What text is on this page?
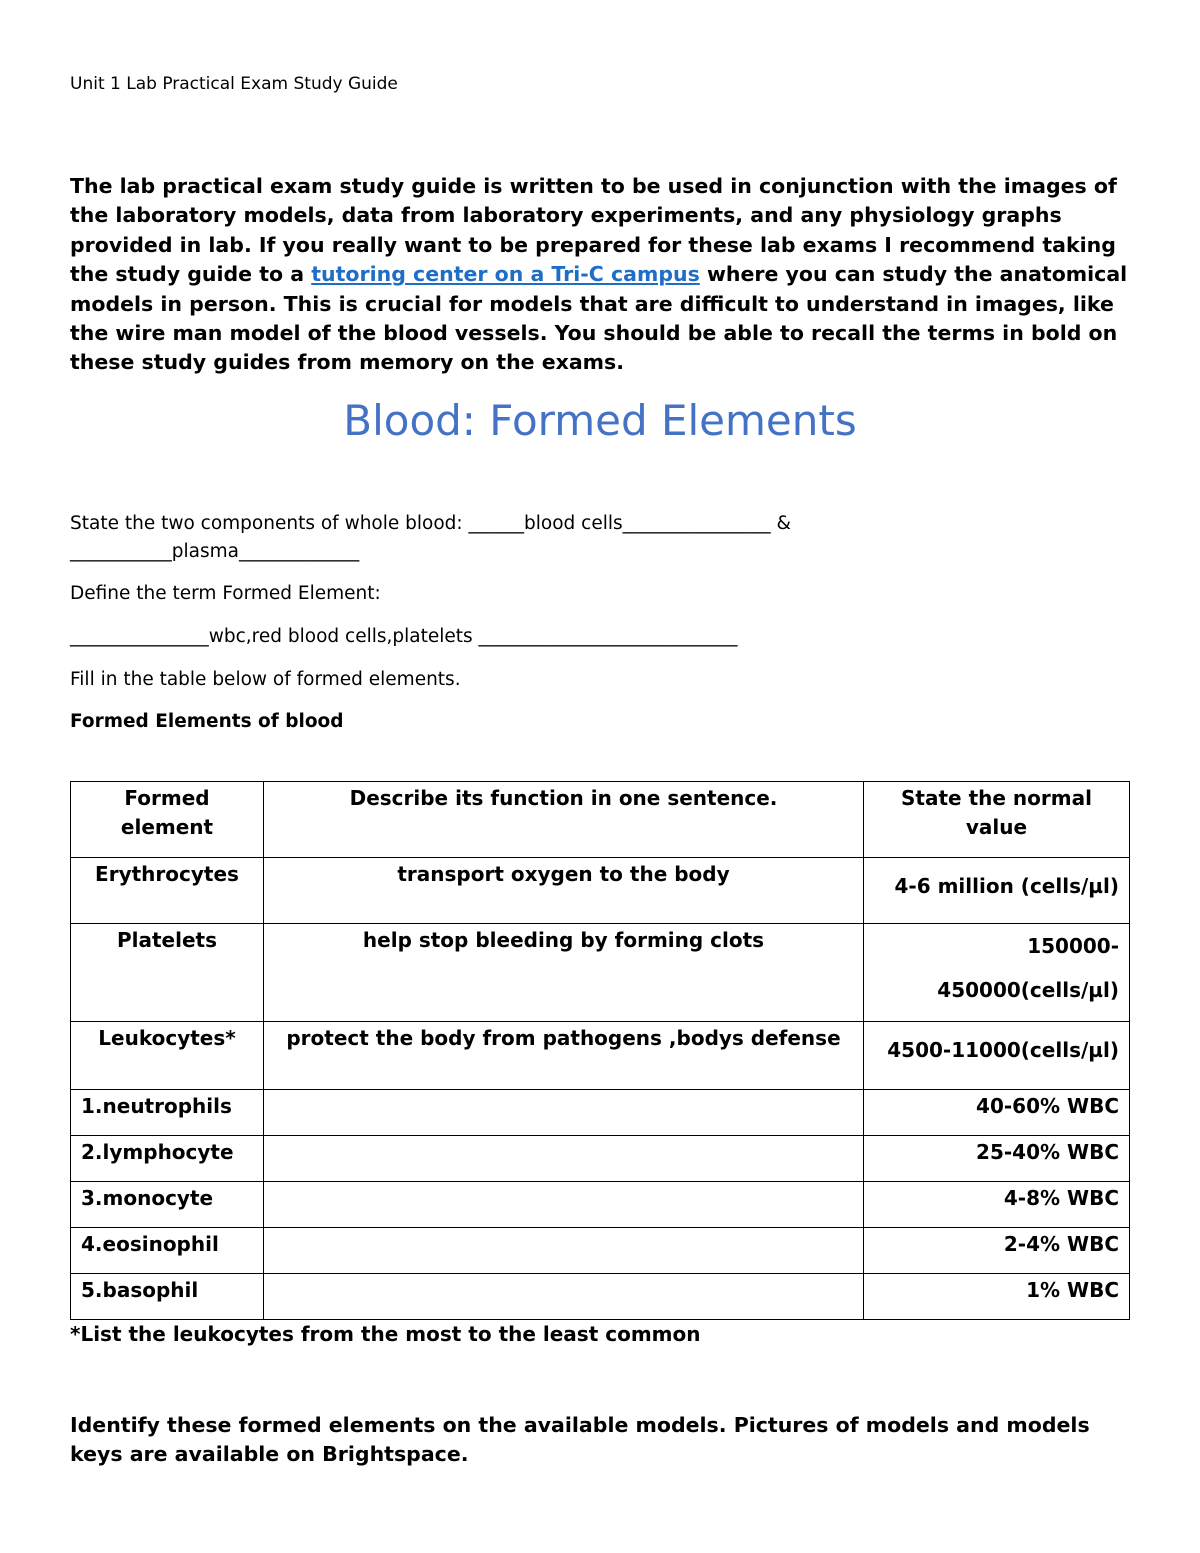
Unit 1 Lab Practical Exam Study Guide
The lab practical exam study guide is written to be used in conjunction with the images of the laboratory models, data from laboratory experiments, and any physiology graphs provided in lab. If you really want to be prepared for these lab exams I recommend taking the study guide to a tutoring center on a Tri-C campus where you can study the anatomical models in person. This is crucial for models that are difficult to understand in images, like the wire man model of the blood vessels. You should be able to recall the terms in bold on these study guides from memory on the exams.
Blood: Formed Elements
State the two components of whole blood: ______blood cells________________ &
___________plasma_____________
Define the term Formed Element:
_______________wbc,red blood cells,platelets ____________________________
Fill in the table below of formed elements.
Formed Elements of blood
Formed element	Describe its function in one sentence.	State the normal value
Erythrocytes	transport oxygen to the body	4-6 million (cells/µl)
Platelets	help stop bleeding by forming clots	150000-
450000(cells/µl)

Leukocytes*	protect the body from pathogens ,bodys defense	4500-11000(cells/µl)
1.neutrophils		40-60% WBC
2.lymphocyte		25-40% WBC
3.monocyte		4-8% WBC
4.eosinophil		2-4% WBC
5.basophil		1% WBC
*List the leukocytes from the most to the least common
Identify these formed elements on the available models. Pictures of models and models keys are available on Brightspace.
